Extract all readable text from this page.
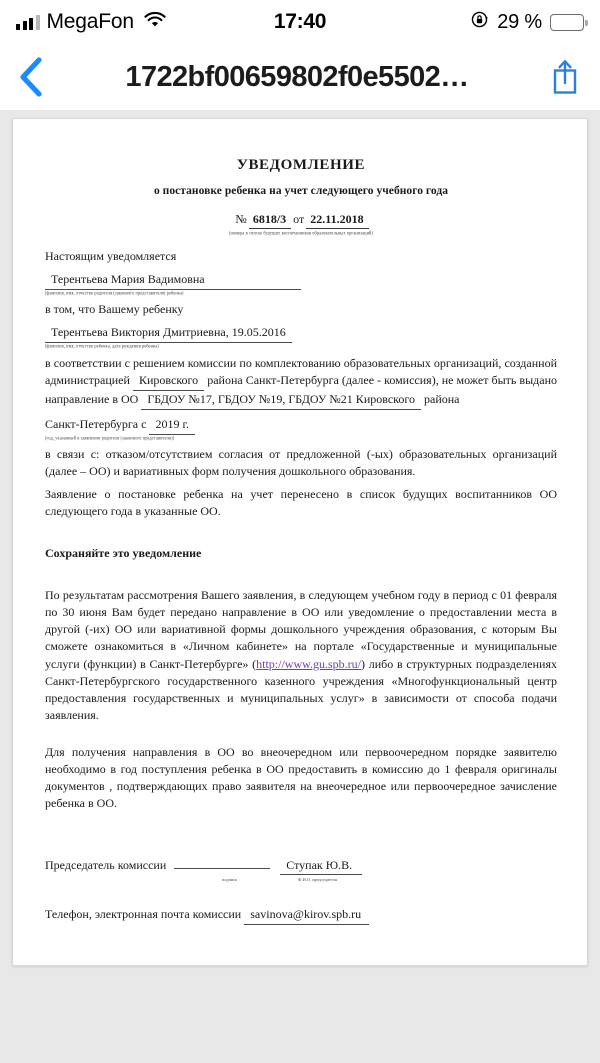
MegaFon	17:40	29 %
1722bf00659802f0e5502…
УВЕДОМЛЕНИЕ
о постановке ребенка на учет следующего учебного года
№ 6818/3 от 22.11.2018
(номера в списке будущих воспитанников образовательных организаций)
Настоящим уведомляется
Терентьева Мария Вадимовна
(фамилия, имя, отчество родителя (законного представителя) ребенка)
в том, что Вашему ребенку
Терентьева Виктория Дмитриевна, 19.05.2016
(фамилия, имя, отчество ребенка, дата рождения ребенка)

в соответствии с решением комиссии по комплектованию образовательных организаций, созданной администрацией Кировского района Санкт-Петербурга (далее - комиссия), не может быть выдано направление в ОО ГБДОУ №17, ГБДОУ №19, ГБДОУ №21 Кировского района

Санкт-Петербурга с 2019 г.
(год, указанный в заявлении родителя (законного представителя))

в связи с: отказом/отсутствием согласия от предложенной (-ых) образовательных организаций (далее – ОО) и вариативных форм получения дошкольного образования.

Заявление о постановке ребенка на учет перенесено в список будущих воспитанников ОО следующего года в указанные ОО.

Сохраняйте это уведомление

По результатам рассмотрения Вашего заявления, в следующем учебном году в период с 01 февраля по 30 июня Вам будет передано направление в ОО или уведомление о предоставлении места в другой (-их) ОО или вариативной формы дошкольного учреждения образования, с которым Вы сможете ознакомиться в «Личном кабинете» на портале «Государственные и муниципальные услуги (функции) в Санкт-Петербурге» (http://www.gu.spb.ru/) либо в структурных подразделениях Санкт-Петербургского государственного казенного учреждения «Многофункциональный центр предоставления государственных и муниципальных услуг» в зависимости от способа подачи заявления.

Для получения направления в ОО во внеочередном или первоочередном порядке заявителю необходимо в год поступления ребенка в ОО предоставить в комиссию до 1 февраля оригиналы документов , подтверждающих право заявителя на внеочередное или первоочередное зачисление ребенка в ОО.

Председатель комиссии	Ступак Ю.В.
подпись	Ф.И.О. председателя
Телефон, электронная почта комиссии savinova@kirov.spb.ru
